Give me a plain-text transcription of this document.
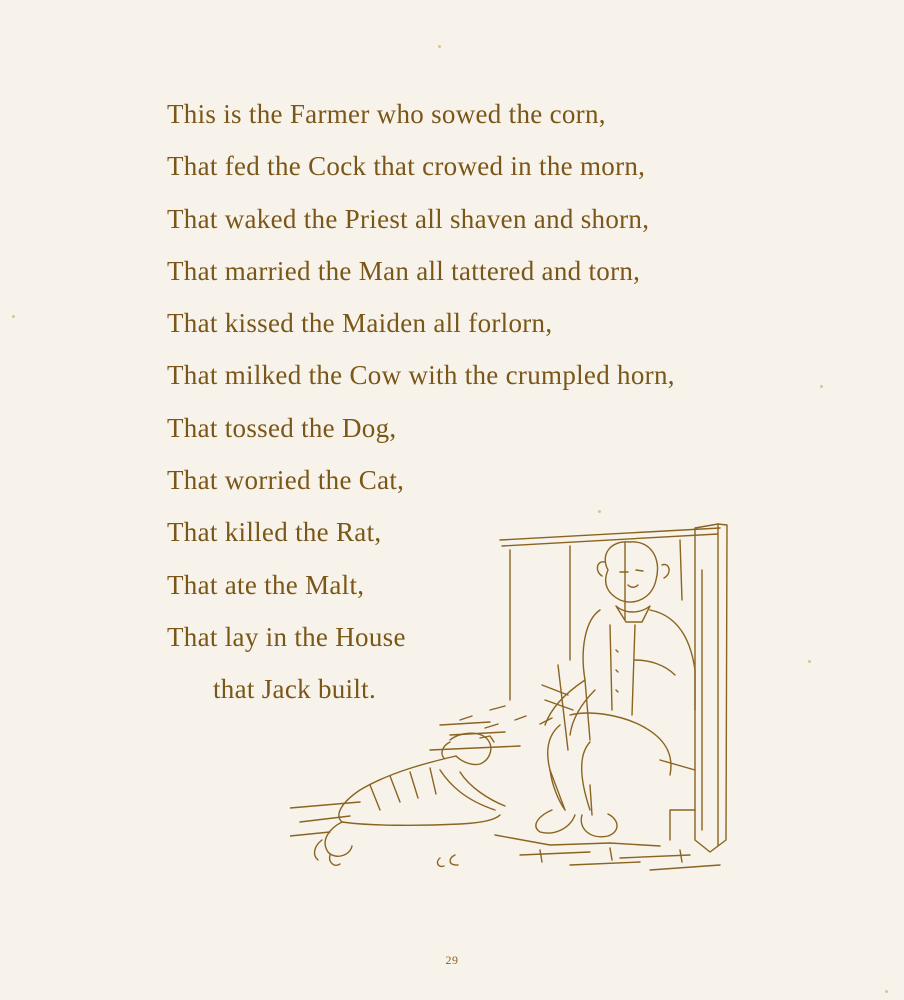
This is the Farmer who sowed the corn,
That fed the Cock that crowed in the morn,
That waked the Priest all shaven and shorn,
That married the Man all tattered and torn,
That kissed the Maiden all forlorn,
That milked the Cow with the crumpled horn,
That tossed the Dog,
That worried the Cat,
That killed the Rat,
That ate the Malt,
That lay in the House
that Jack built.
29
